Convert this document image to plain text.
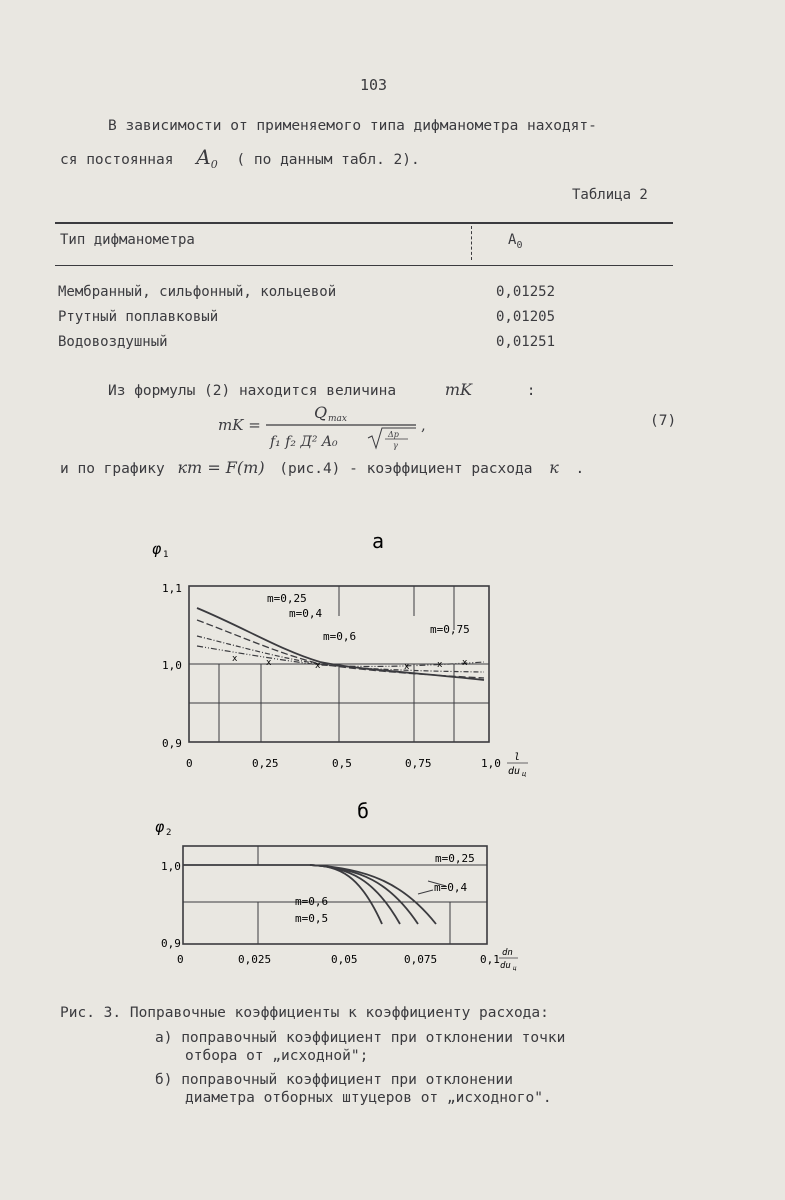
103
В зависимости от применяемого типа дифманометра находят-
ся постоянная $A_0$ ( по данным табл. 2).
Таблица 2
Тип дифманометра	$A_0$
Мембранный, сильфонный, кольцевой	0,01252
Ртутный поплавковый	0,01205
Водовоздушный	0,01251
Из формулы (2) находится величина	mK	:
mK =
Q max
f₁ f₂ Д² A₀	Δp
γ
,	(7)
и по графику кm = F(m) (рис.4) - коэффициент расхода к .
а
φ 1
1,1
1,0
0,9
0	0,25	0,5	0,75	1,0 l
du ц
x	x	x	x	x x
m=0,25
m=0,4
m=0,6
m=0,75
б
φ 2
1,0
0,9
0	0,025	0,05	0,075	0,1 dn
du ц
m=0,25
m=0,4
m=0,6
m=0,5
Рис. 3. Поправочные коэффициенты к коэффициенту расхода:
а) поправочный коэффициент при отклонении точки
отбора от „исходной";
б) поправочный коэффициент при отклонении
диаметра отборных штуцеров от „исходного".
